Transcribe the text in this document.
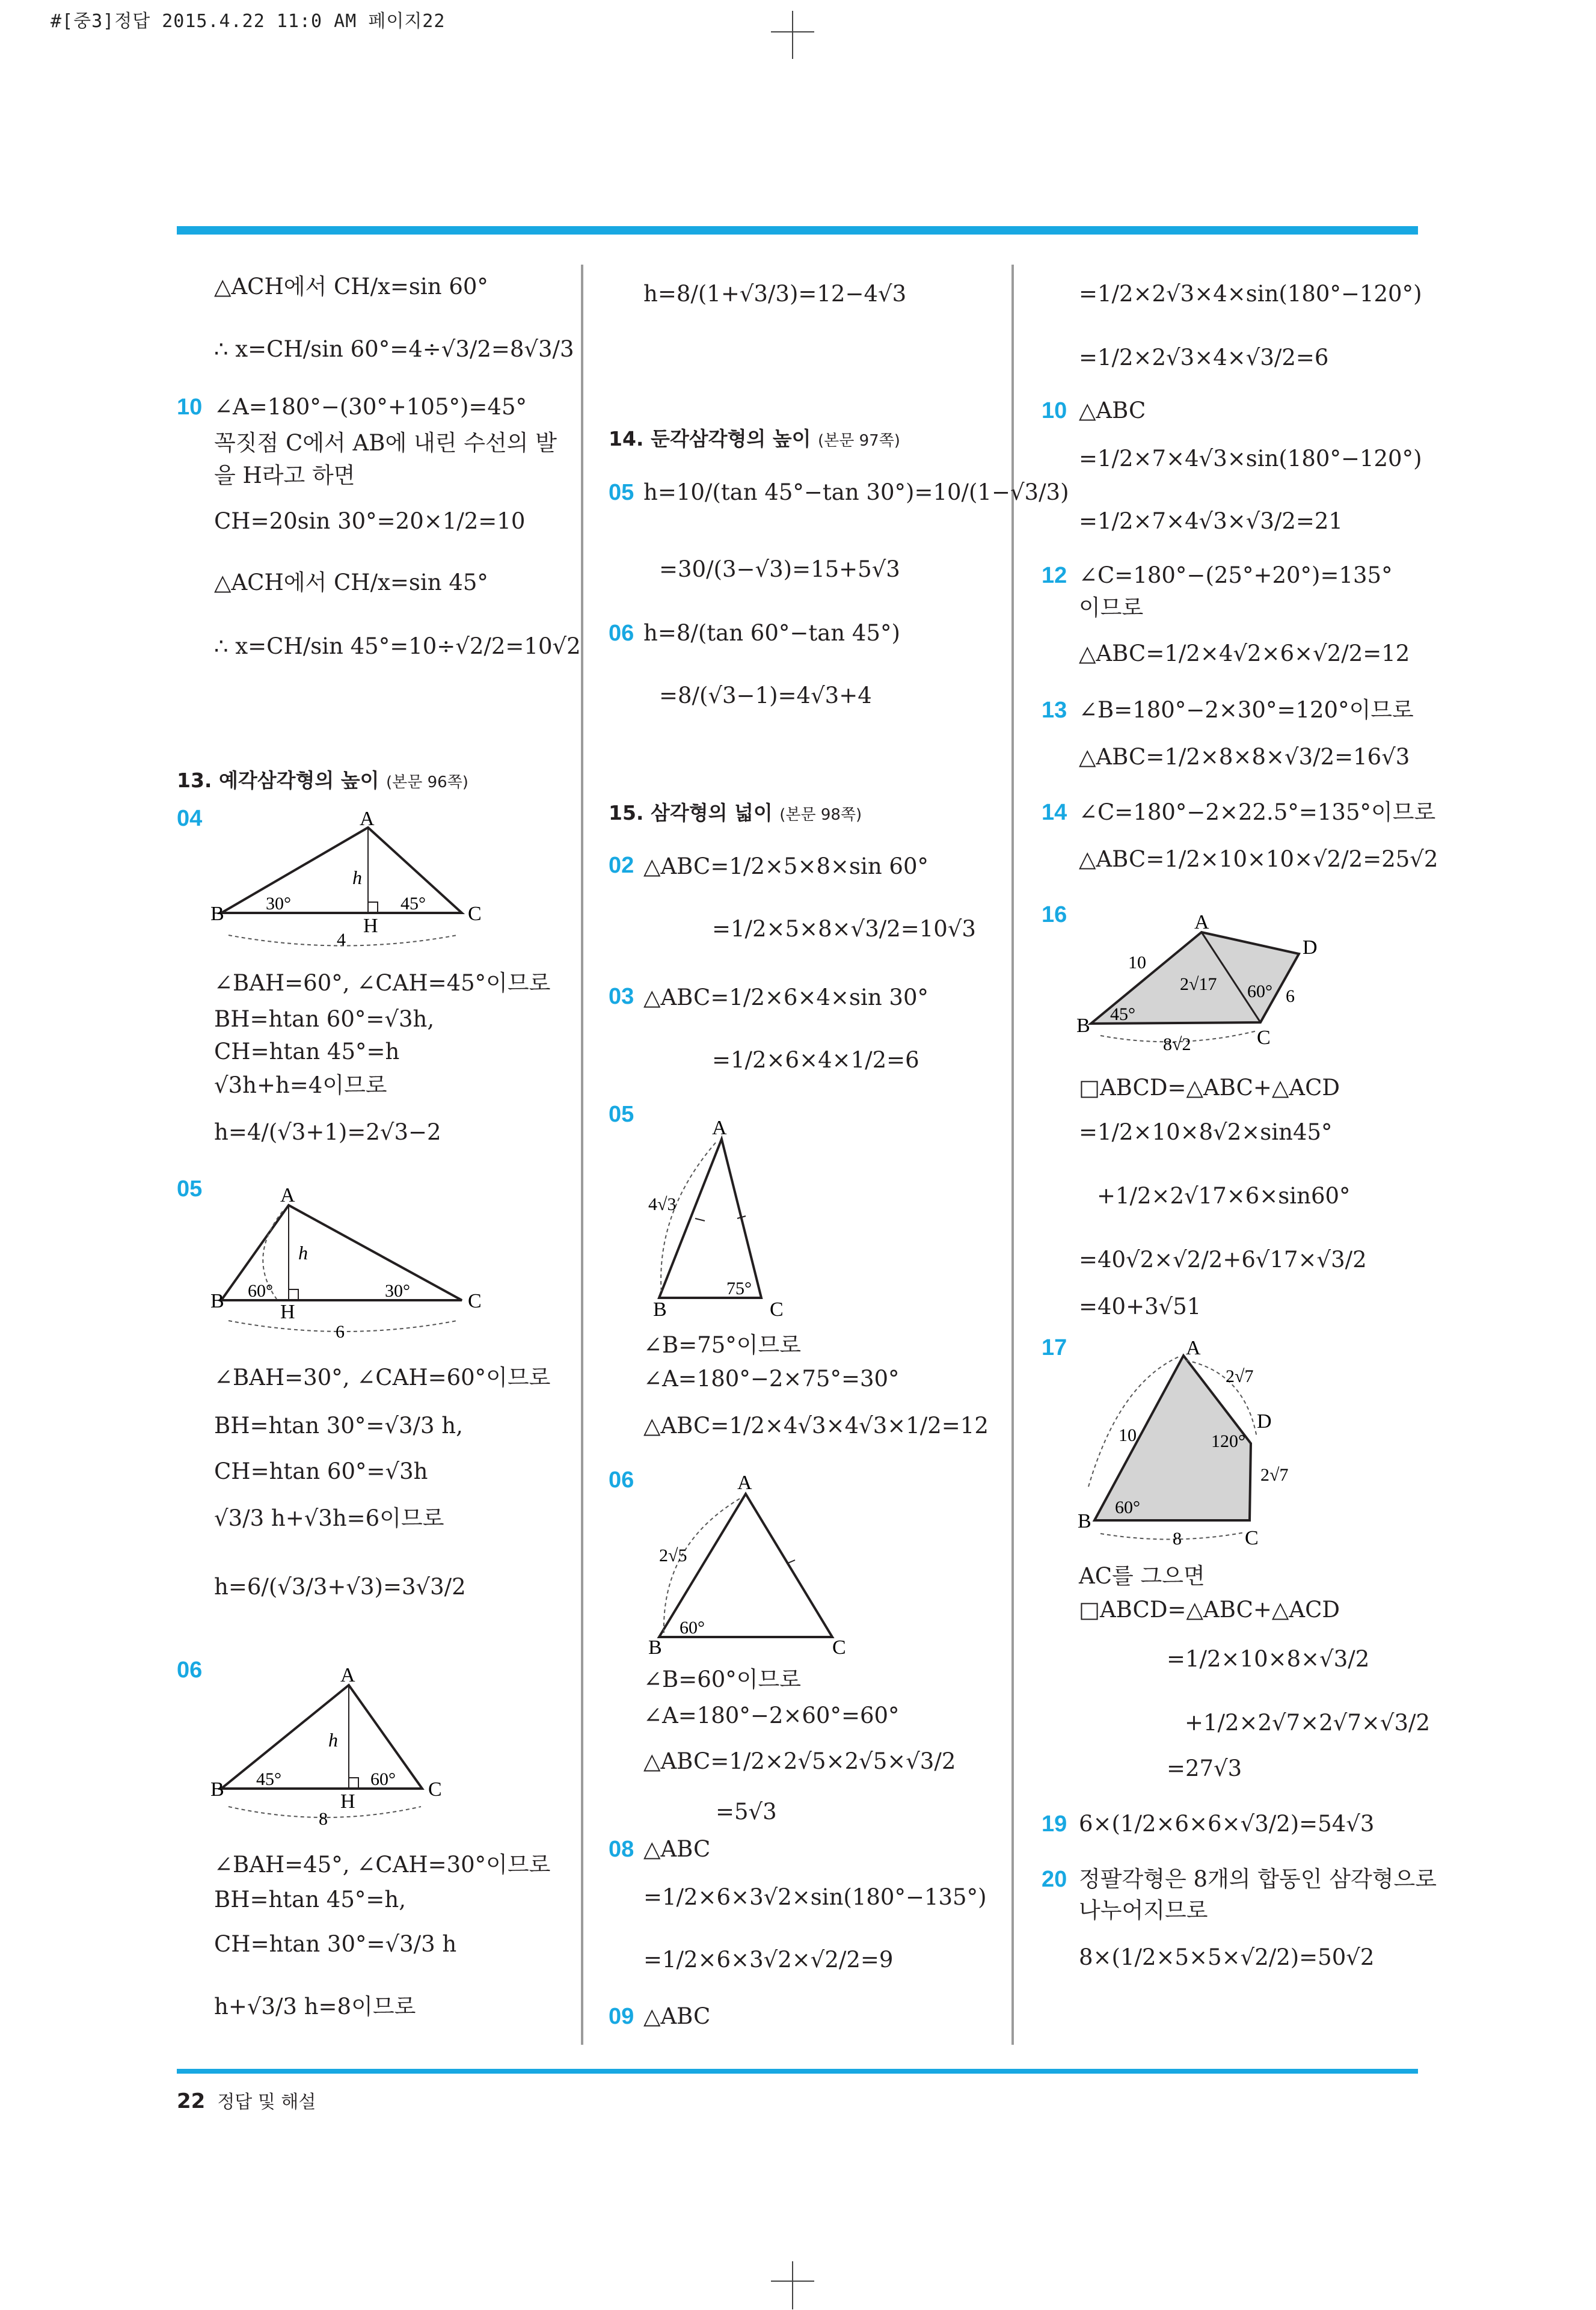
#[중3]정답 2015.4.22 11:0 AM 페이지22
△ACH에서 CH/x=sin 60°
∴ x=CH/sin 60°=4÷√3/2=8√3/3
10 ∠A=180°−(30°+105°)=45°
꼭짓점 C에서 AB에 내린 수선의 발
을 H라고 하면
CH=20sin 30°=20×1/2=10
△ACH에서 CH/x=sin 45°
∴ x=CH/sin 45°=10÷√2/2=10√2
13. 예각삼각형의 높이 (본문 96쪽)
04	A
B	C
H
h
30°	45°
4
∠BAH=60°, ∠CAH=45°이므로
BH=htan 60°=√3h,
CH=htan 45°=h
√3h+h=4이므로
h=4/(√3+1)=2√3−2
05	A
B	C
H
h
60°	30°
6
∠BAH=30°, ∠CAH=60°이므로
BH=htan 30°=√3/3 h,
CH=htan 60°=√3h
√3/3 h+√3h=6이므로
h=6/(√3/3+√3)=3√3/2
06	A
B	C
H
h
45°	60°
8
∠BAH=45°, ∠CAH=30°이므로
BH=htan 45°=h,
CH=htan 30°=√3/3 h
h+√3/3 h=8이므로
h=8/(1+√3/3)=12−4√3
14. 둔각삼각형의 높이 (본문 97쪽)
05 h=10/(tan 45°−tan 30°)=10/(1−√3/3)
=30/(3−√3)=15+5√3
06 h=8/(tan 60°−tan 45°)
=8/(√3−1)=4√3+4
15. 삼각형의 넓이 (본문 98쪽)
02 △ABC=1/2×5×8×sin 60°
=1/2×5×8×√3/2=10√3
03 △ABC=1/2×6×4×sin 30°
=1/2×6×4×1/2=6
05
A
B	C
4√3
75°
∠B=75°이므로
∠A=180°−2×75°=30°
△ABC=1/2×4√3×4√3×1/2=12
06	A
B	C
2√5
60°
∠B=60°이므로
∠A=180°−2×60°=60°
△ABC=1/2×2√5×2√5×√3/2
=5√3
08 △ABC
=1/2×6×3√2×sin(180°−135°)
=1/2×6×3√2×√2/2=9
09 △ABC
=1/2×2√3×4×sin(180°−120°)
=1/2×2√3×4×√3/2=6
10 △ABC
=1/2×7×4√3×sin(180°−120°)
=1/2×7×4√3×√3/2=21
12 ∠C=180°−(25°+20°)=135°
이므로
△ABC=1/2×4√2×6×√2/2=12
13 ∠B=180°−2×30°=120°이므로
△ABC=1/2×8×8×√3/2=16√3
14 ∠C=180°−2×22.5°=135°이므로
△ABC=1/2×10×10×√2/2=25√2
16	A
B
C
D
10
2√17
8√2
6
45°
60°
□ABCD=△ABC+△ACD
=1/2×10×8√2×sin45°
+1/2×2√17×6×sin60°
=40√2×√2/2+6√17×√3/2
=40+3√51
17	A
B
C
D
10
2√7
2√7
8
60°
120°
AC를 그으면
□ABCD=△ABC+△ACD
=1/2×10×8×√3/2
+1/2×2√7×2√7×√3/2
=27√3
19 6×(1/2×6×6×√3/2)=54√3
20 정팔각형은 8개의 합동인 삼각형으로
나누어지므로
8×(1/2×5×5×√2/2)=50√2
22 정답 및 해설
